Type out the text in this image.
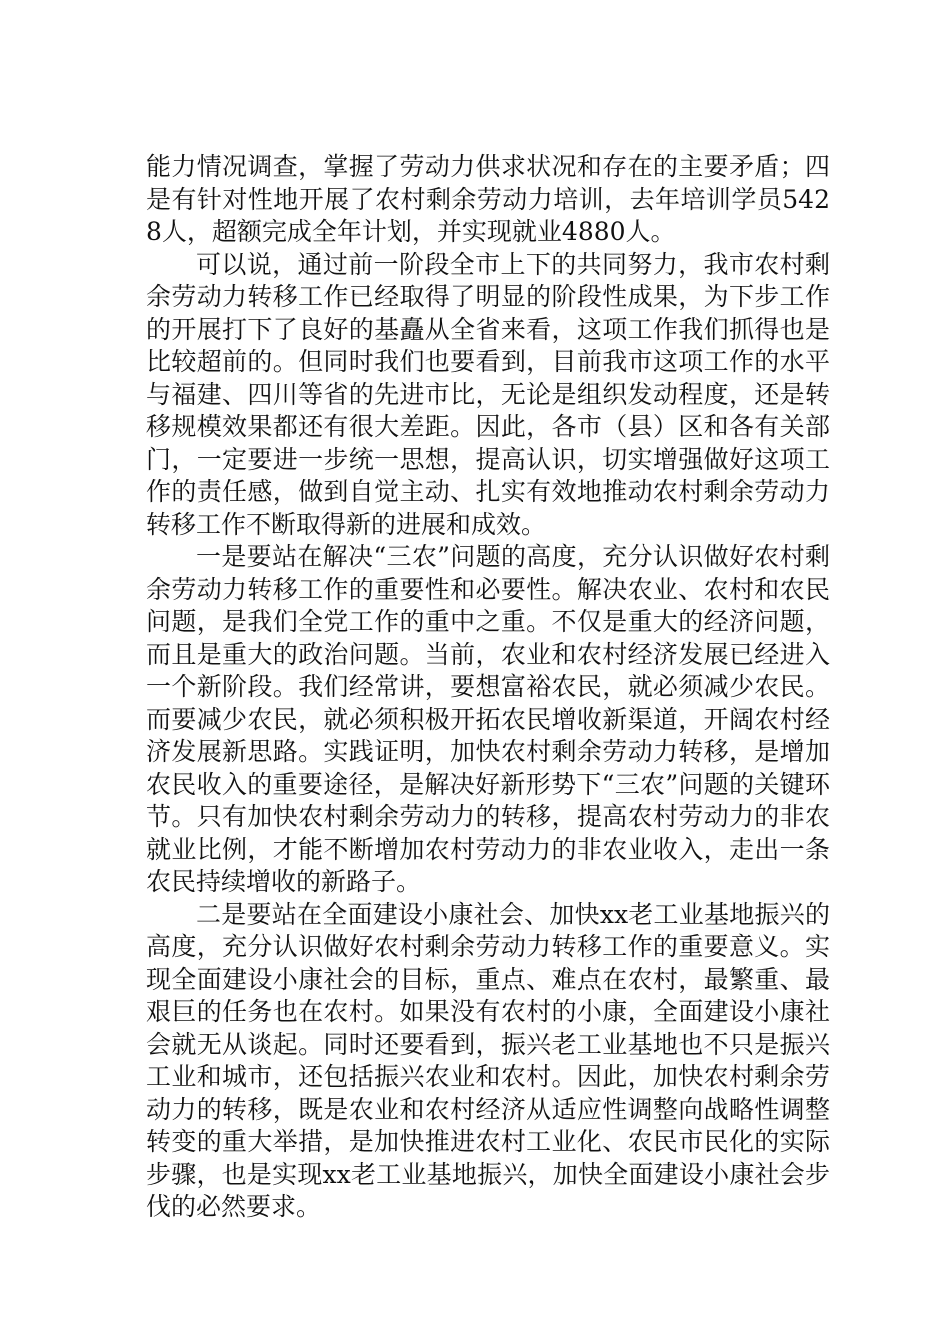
能力情况调查，掌握了劳动力供求状况和存在的主要矛盾；四是有针对性地开展了农村剩余劳动力培训，去年培训学员5428人，超额完成全年计划，并实现就业4880人。

可以说，通过前一阶段全市上下的共同努力，我市农村剩余劳动力转移工作已经取得了明显的阶段性成果，为下步工作的开展打下了良好的基矗从全省来看，这项工作我们抓得也是比较超前的。但同时我们也要看到，目前我市这项工作的水平与福建、四川等省的先进市比，无论是组织发动程度，还是转移规模效果都还有很大差距。因此，各市（县）区和各有关部门，一定要进一步统一思想，提高认识，切实增强做好这项工作的责任感，做到自觉主动、扎实有效地推动农村剩余劳动力转移工作不断取得新的进展和成效。

一是要站在解决“三农”问题的高度，充分认识做好农村剩余劳动力转移工作的重要性和必要性。解决农业、农村和农民问题，是我们全党工作的重中之重。不仅是重大的经济问题，而且是重大的政治问题。当前，农业和农村经济发展已经进入一个新阶段。我们经常讲，要想富裕农民，就必须减少农民。而要减少农民，就必须积极开拓农民增收新渠道，开阔农村经济发展新思路。实践证明，加快农村剩余劳动力转移，是增加农民收入的重要途径，是解决好新形势下“三农”问题的关键环节。只有加快农村剩余劳动力的转移，提高农村劳动力的非农就业比例，才能不断增加农村劳动力的非农业收入，走出一条农民持续增收的新路子。

二是要站在全面建设小康社会、加快xx老工业基地振兴的高度，充分认识做好农村剩余劳动力转移工作的重要意义。实现全面建设小康社会的目标，重点、难点在农村，最繁重、最艰巨的任务也在农村。如果没有农村的小康，全面建设小康社会就无从谈起。同时还要看到，振兴老工业基地也不只是振兴工业和城市，还包括振兴农业和农村。因此，加快农村剩余劳动力的转移，既是农业和农村经济从适应性调整向战略性调整转变的重大举措，是加快推进农村工业化、农民市民化的实际步骤，也是实现xx老工业基地振兴，加快全面建设小康社会步伐的必然要求。
